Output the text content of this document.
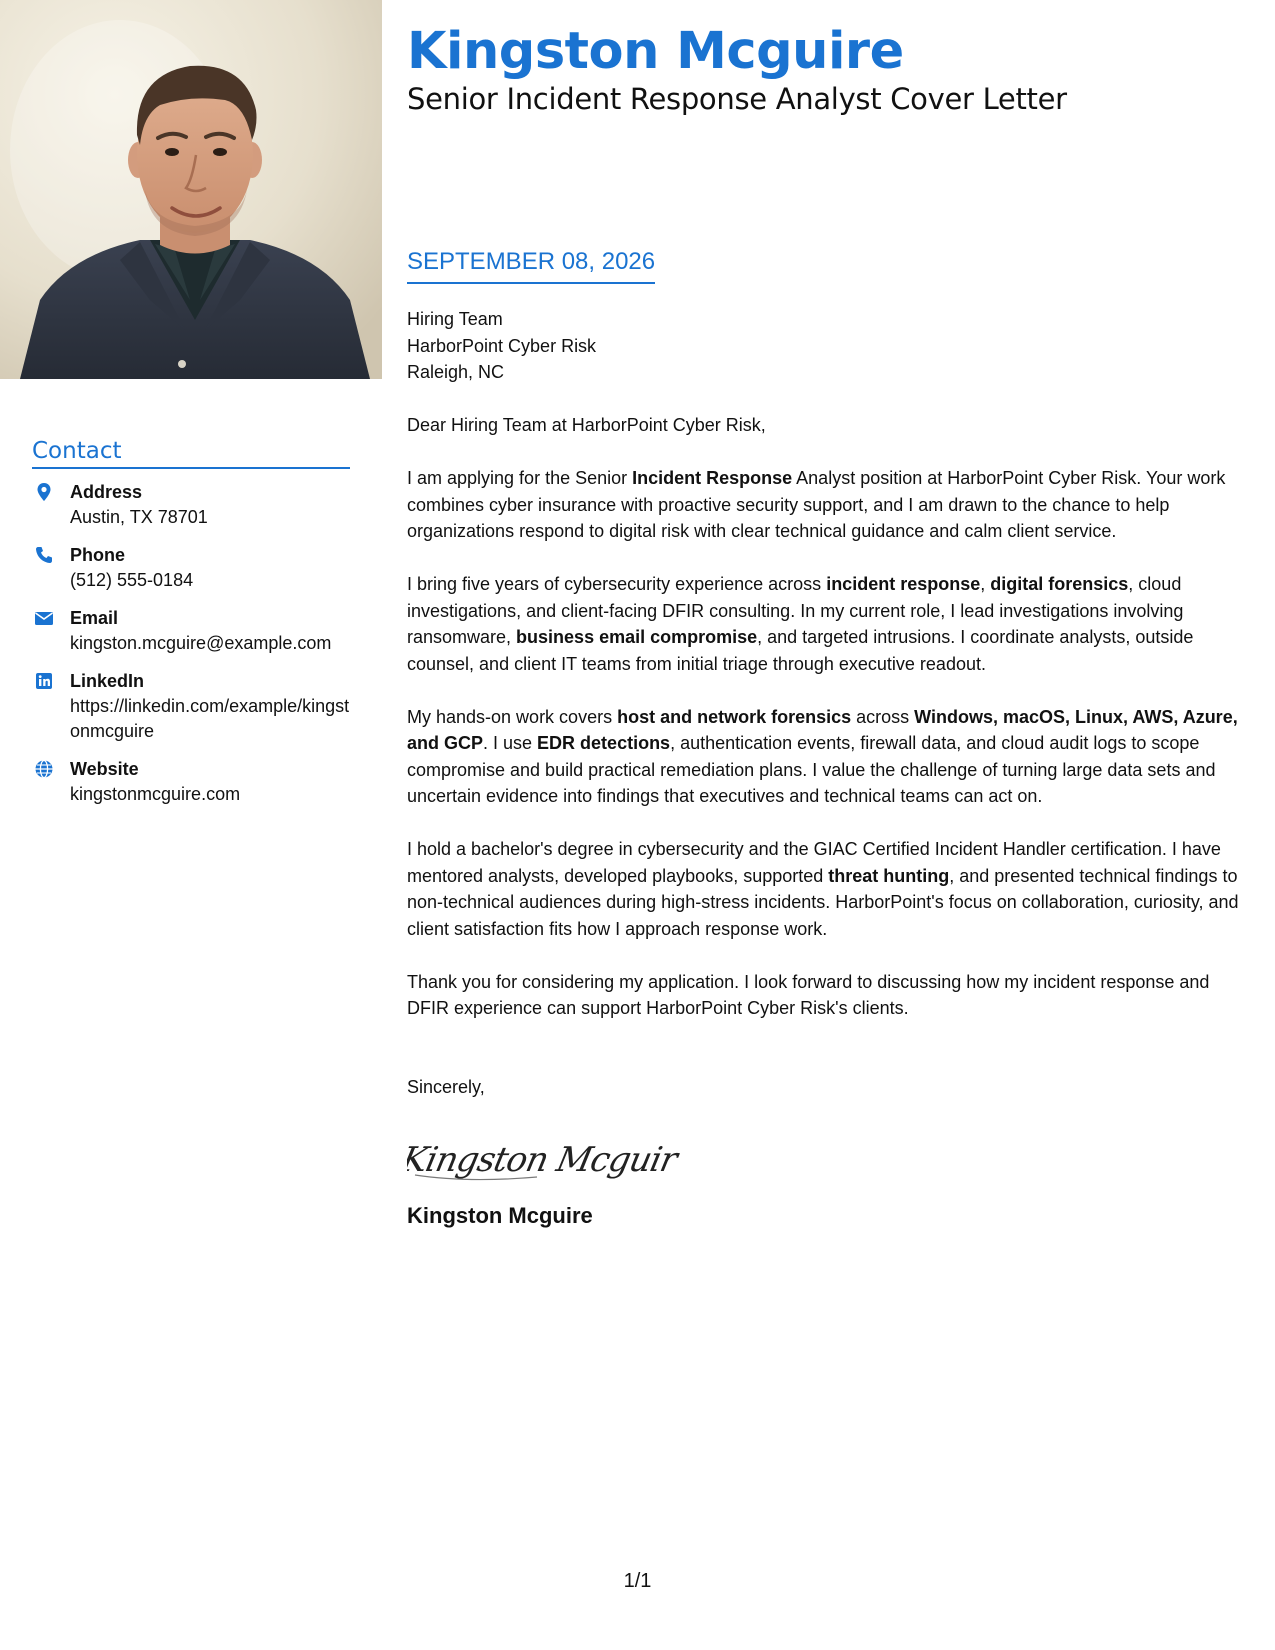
Contact
Address
Austin, TX 78701
Phone
(512) 555-0184
Email
kingston.mcguire@example.com
LinkedIn
https://linkedin.com/example/kingstonmcguire
Website
kingstonmcguire.com
Kingston Mcguire
Senior Incident Response Analyst Cover Letter
SEPTEMBER 08, 2026
Hiring Team
HarborPoint Cyber Risk
Raleigh, NC

Dear Hiring Team at HarborPoint Cyber Risk,

I am applying for the Senior Incident Response Analyst position at HarborPoint Cyber Risk. Your work combines cyber insurance with proactive security support, and I am drawn to the chance to help organizations respond to digital risk with clear technical guidance and calm client service.

I bring five years of cybersecurity experience across incident response, digital forensics, cloud investigations, and client-facing DFIR consulting. In my current role, I lead investigations involving ransomware, business email compromise, and targeted intrusions. I coordinate analysts, outside counsel, and client IT teams from initial triage through executive readout.

My hands-on work covers host and network forensics across Windows, macOS, Linux, AWS, Azure, and GCP. I use EDR detections, authentication events, firewall data, and cloud audit logs to scope compromise and build practical remediation plans. I value the challenge of turning large data sets and uncertain evidence into findings that executives and technical teams can act on.

I hold a bachelor's degree in cybersecurity and the GIAC Certified Incident Handler certification. I have mentored analysts, developed playbooks, supported threat hunting, and presented technical findings to non-technical audiences during high-stress incidents. HarborPoint's focus on collaboration, curiosity, and client satisfaction fits how I approach response work.

Thank you for considering my application. I look forward to discussing how my incident response and DFIR experience can support HarborPoint Cyber Risk's clients.

Sincerely,

Kingston Mcguir
Kingston Mcguire
1/1
